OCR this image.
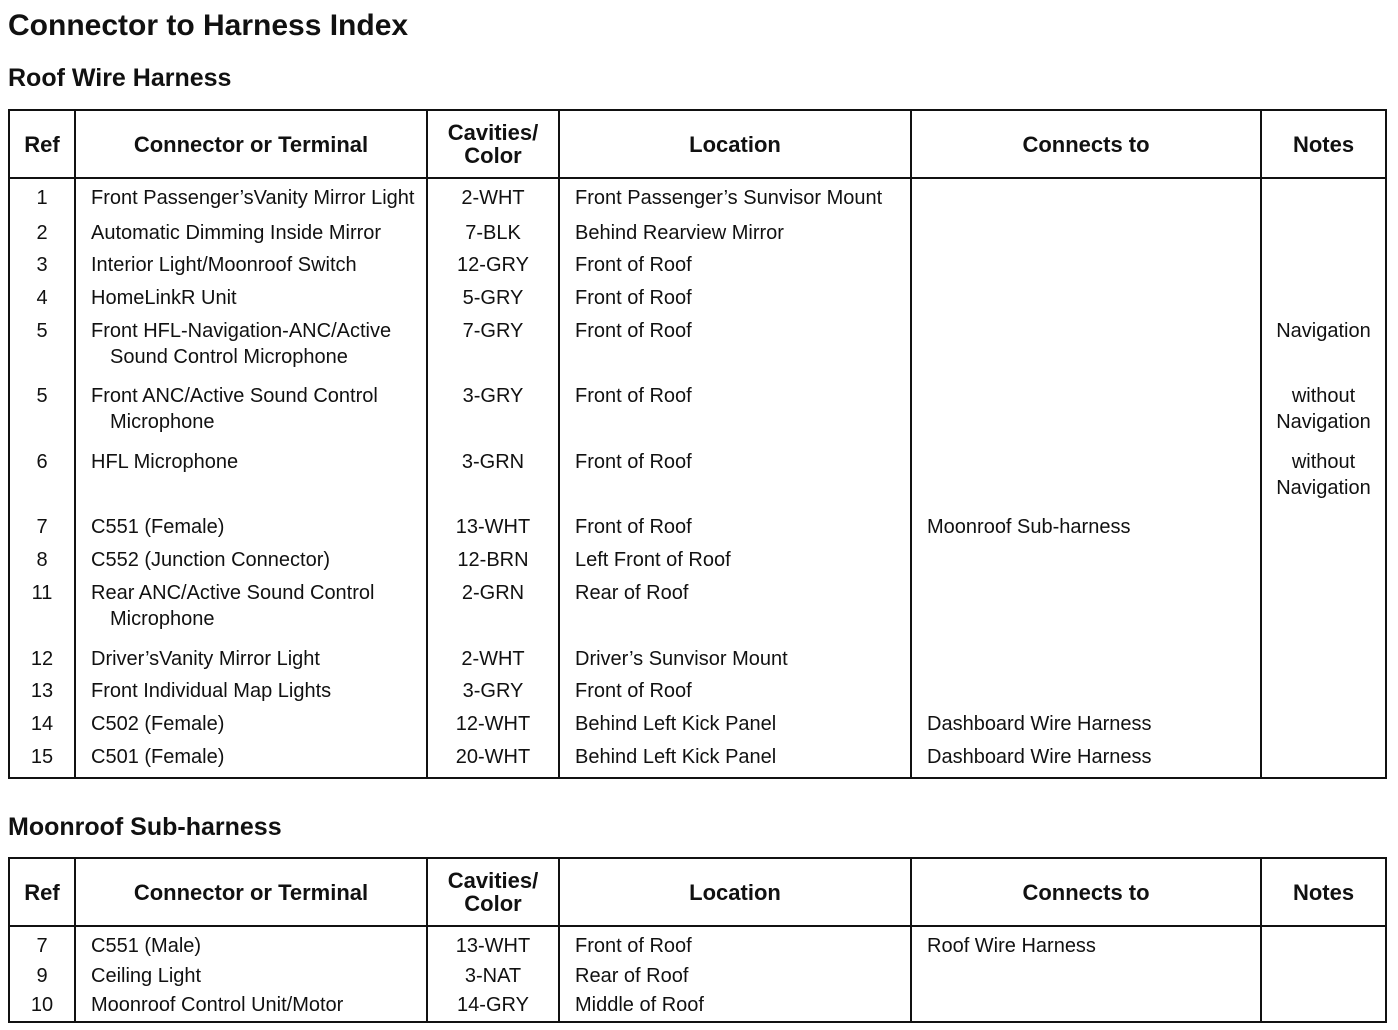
Connector to Harness Index
Roof Wire Harness
Ref	Connector or Terminal	Cavities/ Color	Location	Connects to	Notes
1	Front Passenger’sVanity Mirror Light	2-WHT	Front Passenger’s Sunvisor Mount		
2	Automatic Dimming Inside Mirror	7-BLK	Behind Rearview Mirror		
3	Interior Light/Moonroof Switch	12-GRY	Front of Roof		
4	HomeLinkR Unit	5-GRY	Front of Roof		
5	Front HFL-Navigation-ANC/Active Sound Control Microphone	7-GRY	Front of Roof		Navigation
5	Front ANC/Active Sound Control Microphone	3-GRY	Front of Roof		without Navigation
6	HFL Microphone	3-GRN	Front of Roof		without Navigation
7	C551 (Female)	13-WHT	Front of Roof	Moonroof Sub-harness	
8	C552 (Junction Connector)	12-BRN	Left Front of Roof		
11	Rear ANC/Active Sound Control Microphone	2-GRN	Rear of Roof		
12	Driver’sVanity Mirror Light	2-WHT	Driver’s Sunvisor Mount		
13	Front Individual Map Lights	3-GRY	Front of Roof		
14	C502 (Female)	12-WHT	Behind Left Kick Panel	Dashboard Wire Harness	
15	C501 (Female)	20-WHT	Behind Left Kick Panel	Dashboard Wire Harness	

Moonroof Sub-harness
Ref	Connector or Terminal	Cavities/ Color	Location	Connects to	Notes
7	C551 (Male)	13-WHT	Front of Roof	Roof Wire Harness	
9	Ceiling Light	3-NAT	Rear of Roof		
10	Moonroof Control Unit/Motor	14-GRY	Middle of Roof		
